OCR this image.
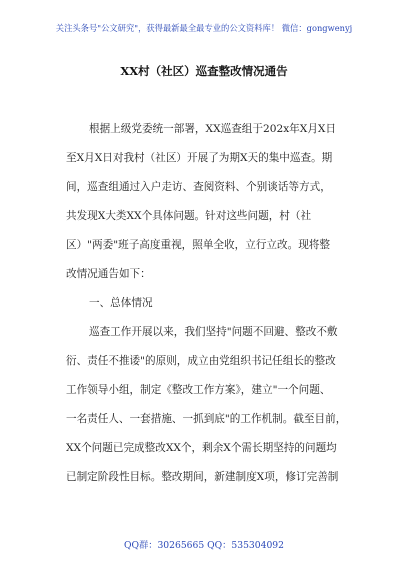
关注头条号"公文研究"，获得最新最全最专业的公文资料库！ 微信：gongwenyj
XX村（社区）巡查整改情况通告
根据上级党委统一部署，XX巡查组于202x年X月X日
至X月X日对我村（社区）开展了为期X天的集中巡查。期
间，巡查组通过入户走访、查阅资料、个别谈话等方式，
共发现X大类XX个具体问题。针对这些问题，村（社
区）"两委"班子高度重视，照单全收，立行立改。现将整
改情况通告如下：
一、总体情况
巡查工作开展以来，我们坚持"问题不回避、整改不敷
衍、责任不推诿"的原则，成立由党组织书记任组长的整改
工作领导小组，制定《整改工作方案》，建立"一个问题、
一名责任人、一套措施、一抓到底"的工作机制。截至目前，
XX个问题已完成整改XX个，剩余X个需长期坚持的问题均
已制定阶段性目标。整改期间，新建制度X项，修订完善制
QQ群：30265665 QQ：535304092
